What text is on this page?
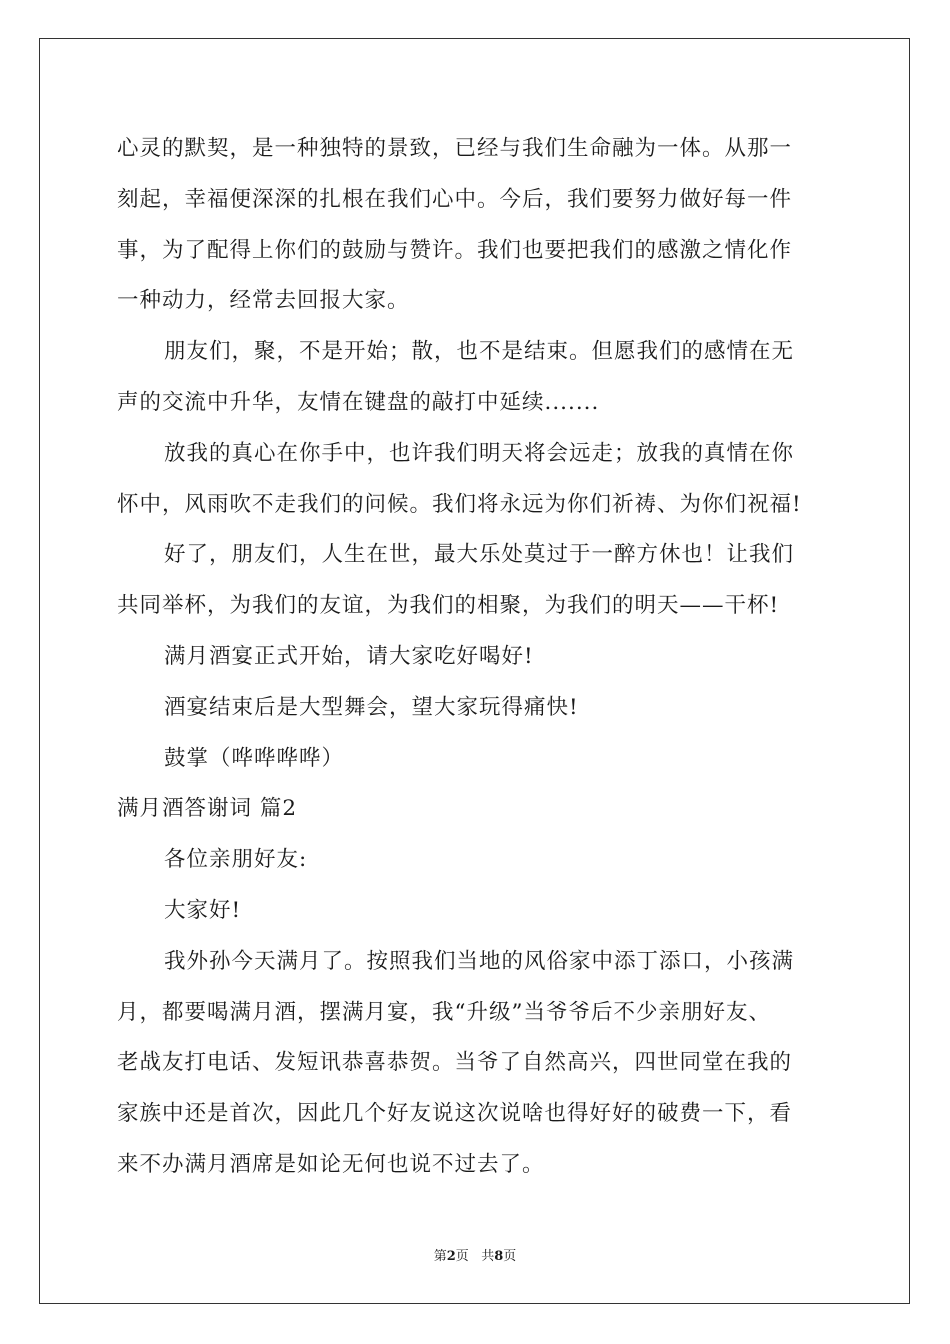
心灵的默契，是一种独特的景致，已经与我们生命融为一体。从那一
刻起，幸福便深深的扎根在我们心中。今后，我们要努力做好每一件
事，为了配得上你们的鼓励与赞许。我们也要把我们的感激之情化作
一种动力，经常去回报大家。
朋友们，聚，不是开始；散，也不是结束。但愿我们的感情在无
声的交流中升华，友情在键盘的敲打中延续.......
放我的真心在你手中，也许我们明天将会远走；放我的真情在你
怀中，风雨吹不走我们的问候。我们将永远为你们祈祷、为你们祝福!
好了，朋友们，人生在世，最大乐处莫过于一醉方休也！让我们
共同举杯，为我们的友谊，为我们的相聚，为我们的明天——干杯!
满月酒宴正式开始，请大家吃好喝好!
酒宴结束后是大型舞会，望大家玩得痛快!
鼓掌（哗哗哗哗）
满月酒答谢词 篇2
各位亲朋好友:
大家好!
我外孙今天满月了。按照我们当地的风俗家中添丁添口，小孩满
月，都要喝满月酒，摆满月宴，我“升级”当爷爷后不少亲朋好友、
老战友打电话、发短讯恭喜恭贺。当爷了自然高兴，四世同堂在我的
家族中还是首次，因此几个好友说这次说啥也得好好的破费一下，看
来不办满月酒席是如论无何也说不过去了。
第2页 共8页
